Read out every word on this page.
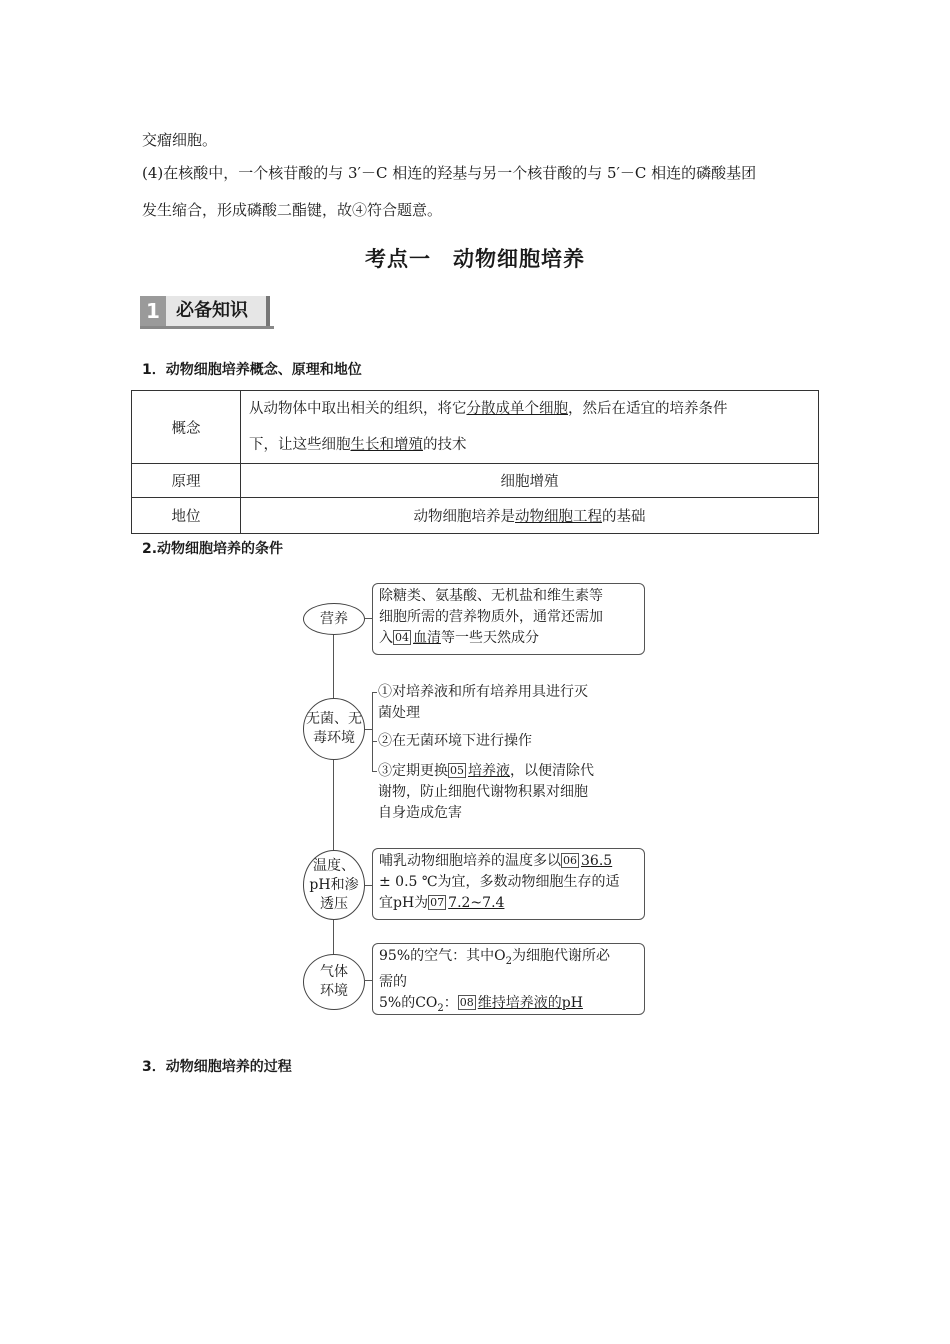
交瘤细胞。
(4)在核酸中，一个核苷酸的与 3′－C 相连的羟基与另一个核苷酸的与 5′－C 相连的磷酸基团
发生缩合，形成磷酸二酯键，故④符合题意。
考点一　动物细胞培养
1 必备知识
1．动物细胞培养概念、原理和地位
概念	从动物体中取出相关的组织，将它分散成单个细胞，然后在适宜的培养条件
下，让这些细胞生长和增殖的技术
原理	细胞增殖
地位	动物细胞培养是动物细胞工程的基础
2.动物细胞培养的条件
营养
除糖类、氨基酸、无机盐和维生素等
细胞所需的营养物质外，通常还需加
入 04 血清等一些天然成分
无菌、无
毒环境
①对培养液和所有培养用具进行灭
菌处理
②在无菌环境下进行操作
③定期更换 05 培养液，以便清除代
谢物，防止细胞代谢物积累对细胞
自身造成危害
温度、
pH和渗
透压
哺乳动物细胞培养的温度多以 06 36.5
± 0.5 ℃为宜，多数动物细胞生存的适
宜pH为 07 7.2~7.4
气体
环境
95%的空气：其中$O_2$为细胞代谢所必
需的
5%的$CO_2$： 08 维持培养液的pH
3．动物细胞培养的过程
